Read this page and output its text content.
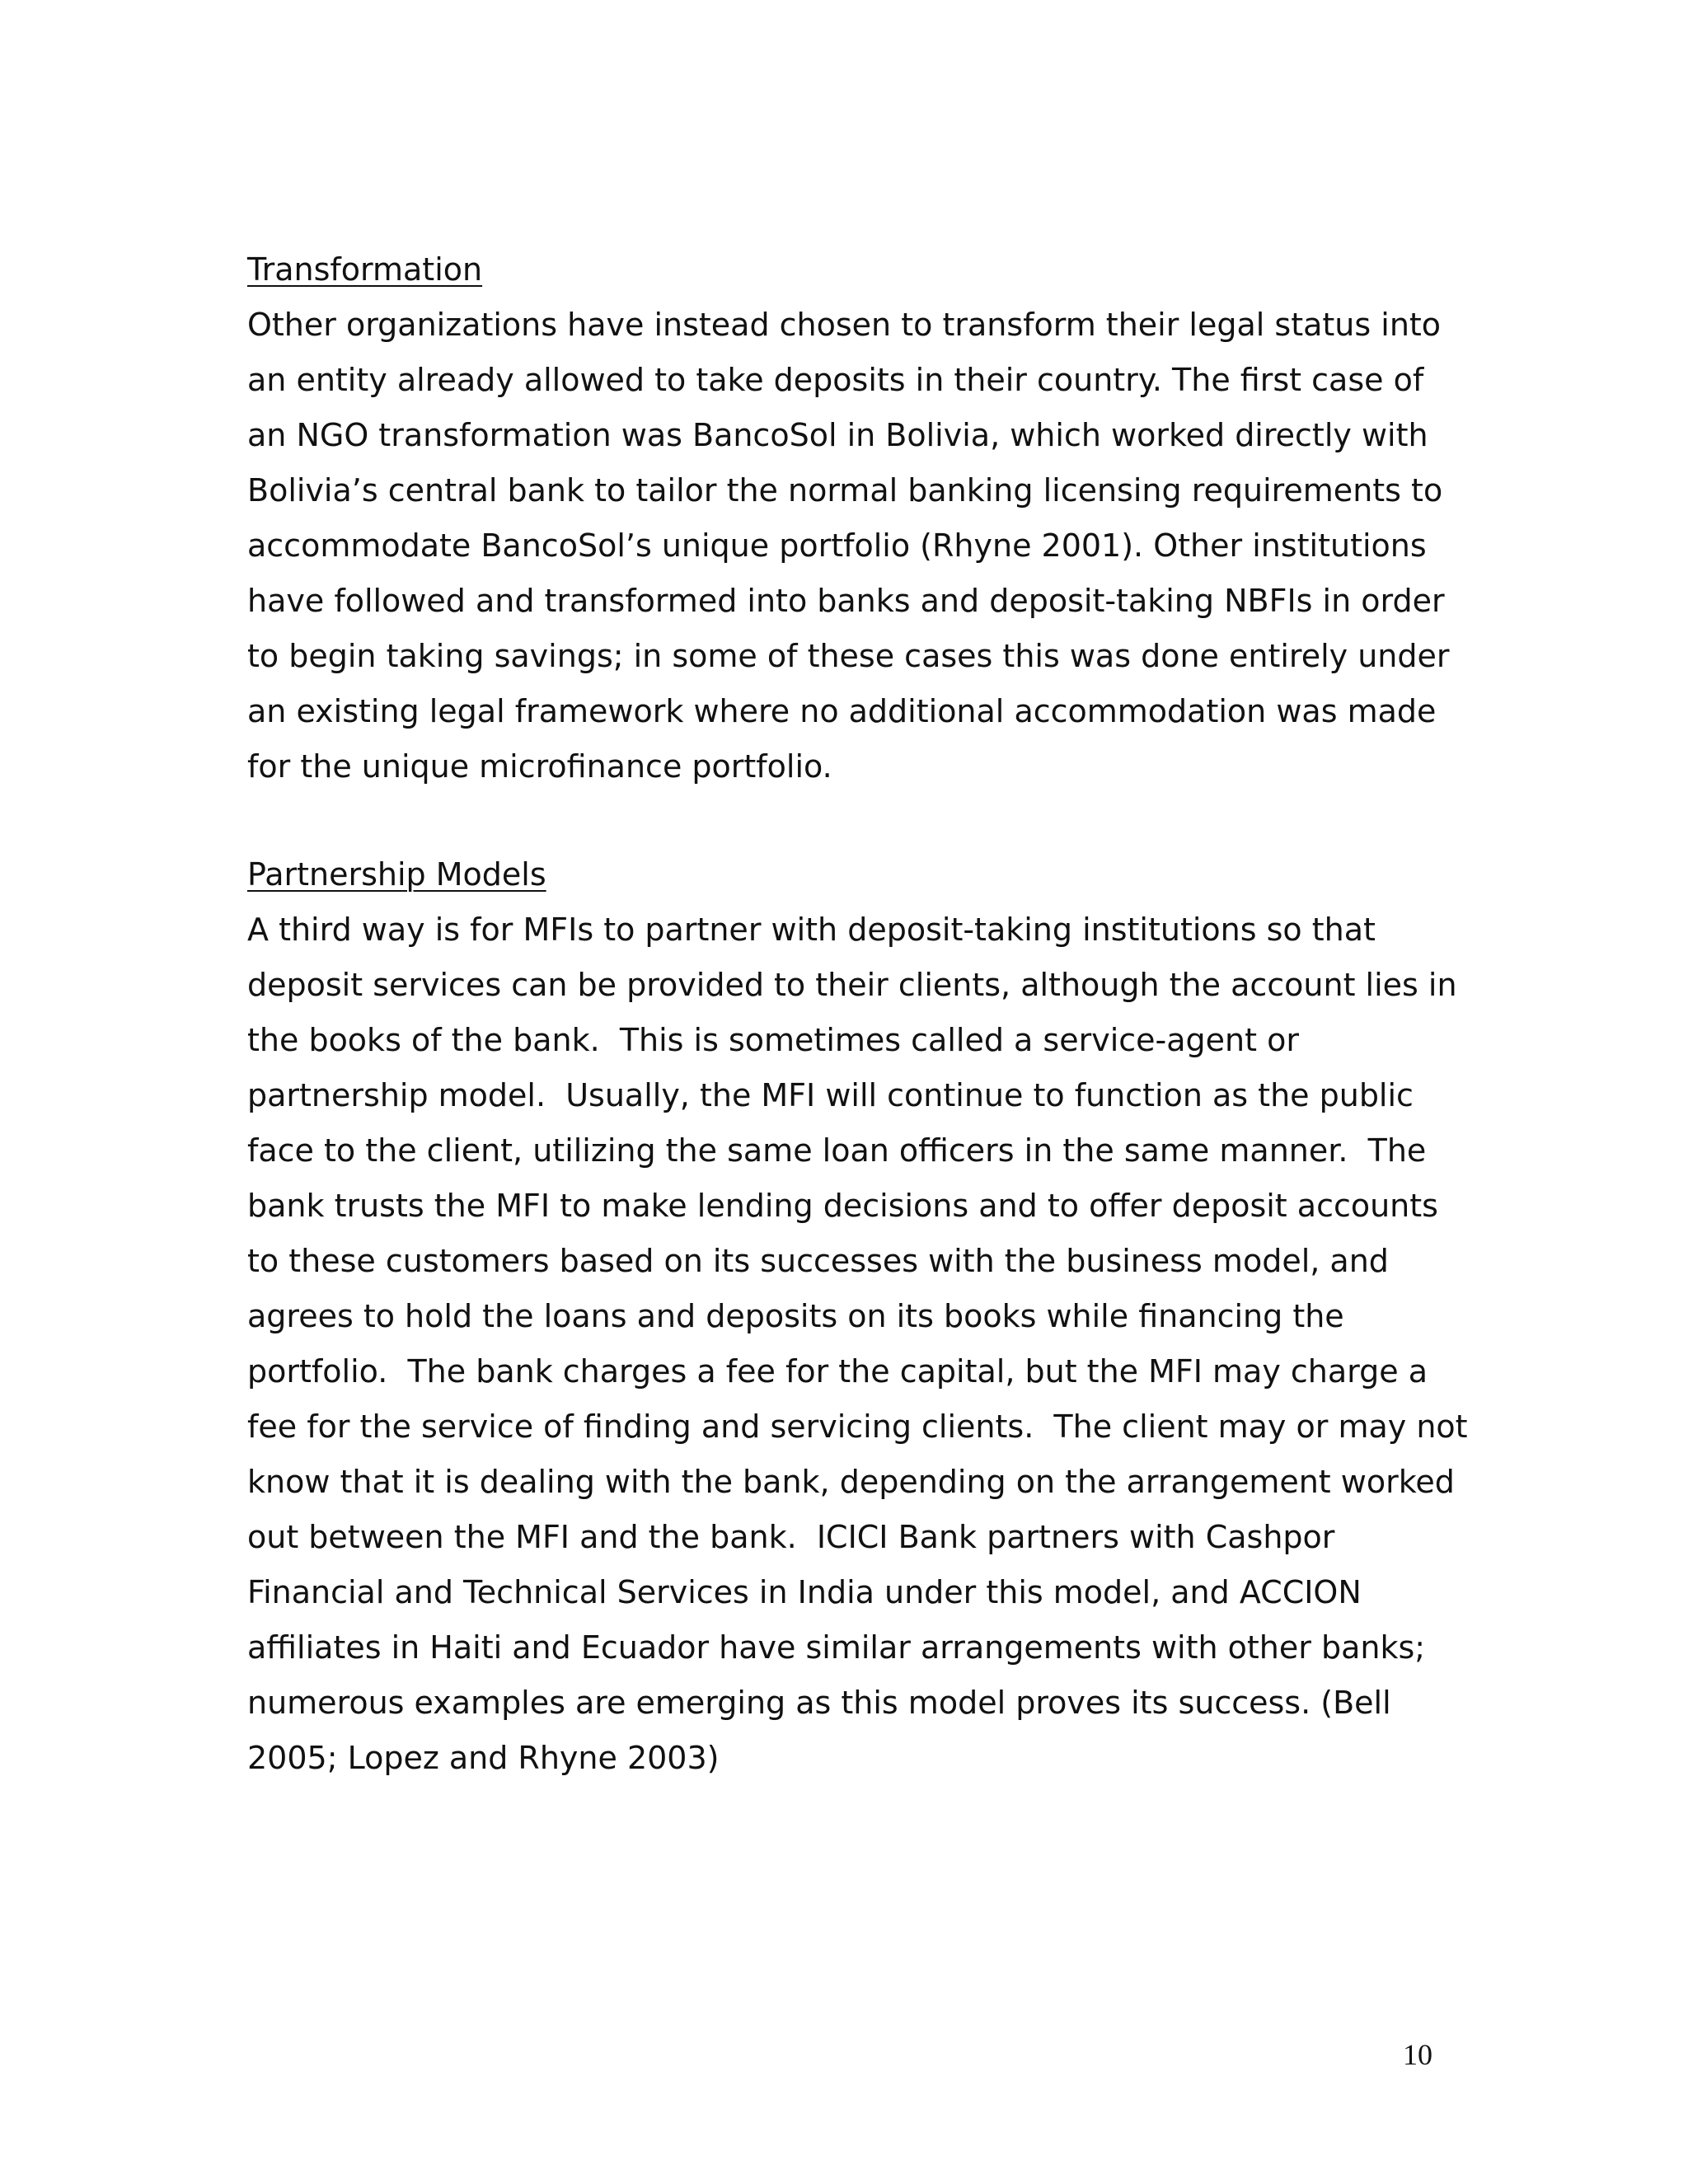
Transformation
Other organizations have instead chosen to transform their legal status into
an entity already allowed to take deposits in their country. The first case of
an NGO transformation was BancoSol in Bolivia, which worked directly with
Bolivia’s central bank to tailor the normal banking licensing requirements to
accommodate BancoSol’s unique portfolio (Rhyne 2001). Other institutions
have followed and transformed into banks and deposit-taking NBFIs in order
to begin taking savings; in some of these cases this was done entirely under
an existing legal framework where no additional accommodation was made
for the unique microfinance portfolio.
Partnership Models
A third way is for MFIs to partner with deposit-taking institutions so that
deposit services can be provided to their clients, although the account lies in
the books of the bank.  This is sometimes called a service-agent or
partnership model.  Usually, the MFI will continue to function as the public
face to the client, utilizing the same loan officers in the same manner.  The
bank trusts the MFI to make lending decisions and to offer deposit accounts
to these customers based on its successes with the business model, and
agrees to hold the loans and deposits on its books while financing the
portfolio.  The bank charges a fee for the capital, but the MFI may charge a
fee for the service of finding and servicing clients.  The client may or may not
know that it is dealing with the bank, depending on the arrangement worked
out between the MFI and the bank.  ICICI Bank partners with Cashpor
Financial and Technical Services in India under this model, and ACCION
affiliates in Haiti and Ecuador have similar arrangements with other banks;
numerous examples are emerging as this model proves its success. (Bell
2005; Lopez and Rhyne 2003)
10
